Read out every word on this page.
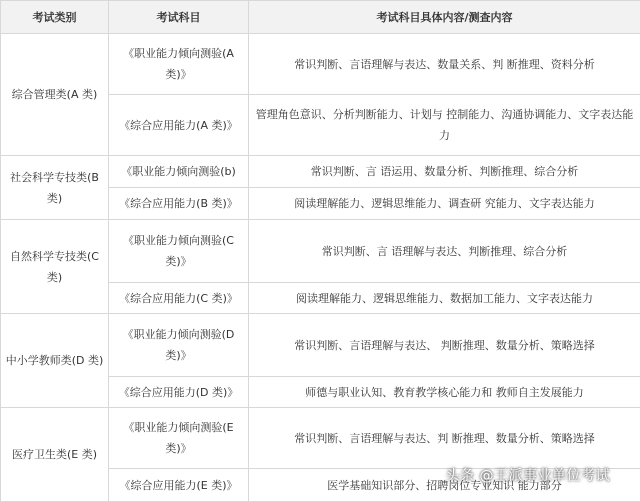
考试类别	考试科目	考试科目具体内容/测查内容
综合管理类(A 类)	《职业能力倾向测验(A 类)》	常识判断、言语理解与表达、数量关系、判 断推理、资料分析
	《综合应用能力(A 类)》	管理角色意识、分析判断能力、计划与 控制能力、沟通协调能力、文字表达能力
社会科学专技类(B 类)	《职业能力倾向测验(b)	常识判断、言 语运用、数量分析、判断推理、综合分析
	《综合应用能力(B 类)》	阅读理解能力、逻辑思维能力、调查研 究能力、文字表达能力
自然科学专技类(C 类)	《职业能力倾向测验(C 类)》	常识判断、言 语理解与表达、判断推理、综合分析
	《综合应用能力(C 类)》	阅读理解能力、逻辑思维能力、数据加工能力、文字表达能力
中小学教师类(D 类)	《职业能力倾向测验(D 类)》	常识判断、言语理解与表达、 判断推理、数量分析、策略选择
	《综合应用能力(D 类)》	师德与职业认知、教育教学核心能力和 教师自主发展能力
医疗卫生类(E 类)	《职业能力倾向测验(E 类)》	常识判断、言语理解与表达、判 断推理、数量分析、策略选择
	《综合应用能力(E 类)》	医学基础知识部分、招聘岗位专业知识 能力部分
头条 @王派事业单位考试
